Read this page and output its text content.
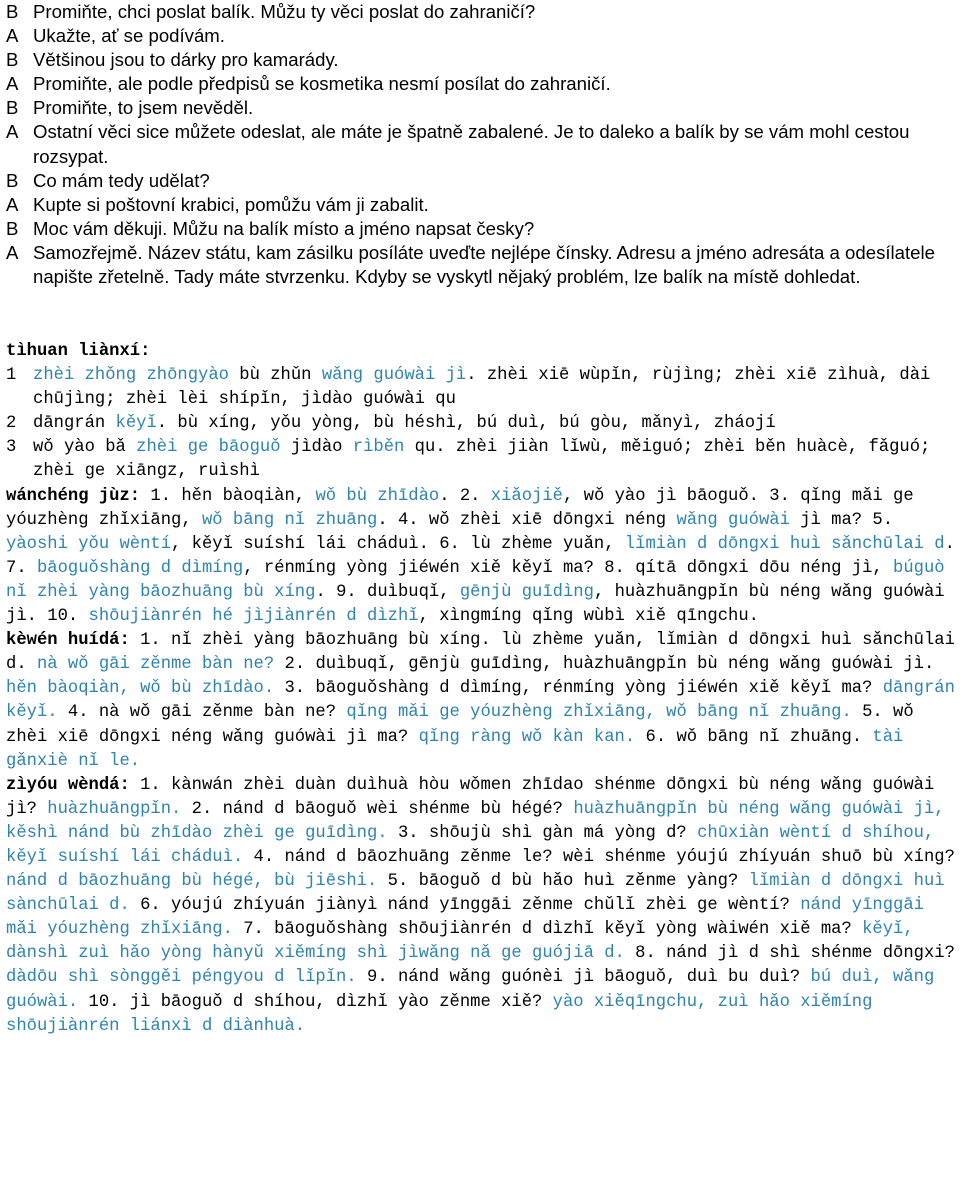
B Promiňte, chci poslat balík. Můžu ty věci poslat do zahraničí?
A Ukažte, ať se podívám.
B Většinou jsou to dárky pro kamarády.
A Promiňte, ale podle předpisů se kosmetika nesmí posílat do zahraničí.
B Promiňte, to jsem nevěděl.
A Ostatní věci sice můžete odeslat, ale máte je špatně zabalené. Je to daleko a balík by se vám mohl cestou rozsypat.
B Co mám tedy udělat?
A Kupte si poštovní krabici, pomůžu vám ji zabalit.
B Moc vám děkuji. Můžu na balík místo a jméno napsat česky?
A Samozřejmě. Název státu, kam zásilku posíláte uveďte nejlépe čínsky. Adresu a jméno adresáta a odesílatele napište zřetelně. Tady máte stvrzenku. Kdyby se vyskytl nějaký problém, lze balík na místě dohledat.
tìhuan liànxí:
1 zhèi zhǒng zhōngyào bù zhǔn wǎng guówài jì. zhèi xiē wùpǐn, rùjìng; zhèi xiē zìhuà, dài chūjìng; zhèi lèi shípǐn, jìdào guówài qu
2 dāngrán kěyǐ. bù xíng, yǒu yòng, bù héshì, bú duì, bú gòu, mǎnyì, zháojí
3 wǒ yào bǎ zhèi ge bāoguǒ jìdào rìběn qu. zhèi jiàn lǐwù, měiguó; zhèi běn huàcè, fǎguó; zhèi ge xiāngz, ruìshì

wánchéng jùz: 1. hěn bàoqiàn, wǒ bù zhīdào. 2. xiǎojiě, wǒ yào jì bāoguǒ. 3. qǐng mǎi ge yóuzhèng zhǐxiāng, wǒ bāng nǐ zhuāng. 4. wǒ zhèi xiē dōngxi néng wǎng guówài jì ma? 5. yàoshi yǒu wèntí, kěyǐ suíshí lái cháduì. 6. lù zhème yuǎn, lǐmiàn d dōngxi huì sǎnchūlai d. 7. bāoguǒshàng d dìmíng, rénmíng yòng jiéwén xiě kěyǐ ma? 8. qítā dōngxi dōu néng jì, búguò nǐ zhèi yàng bāozhuāng bù xíng. 9. duìbuqǐ, gēnjù guīdìng, huàzhuāngpǐn bù néng wǎng guówài jì. 10. shōujiànrén hé jìjiànrén d dìzhǐ, xìngmíng qǐng wùbì xiě qīngchu.

kèwén huídá: 1. nǐ zhèi yàng bāozhuāng bù xíng. lù zhème yuǎn, lǐmiàn d dōngxi huì sǎnchūlai d. nà wǒ gāi zěnme bàn ne? 2. duìbuqǐ, gēnjù guīdìng, huàzhuāngpǐn bù néng wǎng guówài jì. hěn bàoqiàn, wǒ bù zhīdào. 3. bāoguǒshàng d dìmíng, rénmíng yòng jiéwén xiě kěyǐ ma? dāngrán kěyǐ. 4. nà wǒ gāi zěnme bàn ne? qǐng mǎi ge yóuzhèng zhǐxiāng, wǒ bāng nǐ zhuāng. 5. wǒ zhèi xiē dōngxi néng wǎng guówài jì ma? qǐng ràng wǒ kàn kan. 6. wǒ bāng nǐ zhuāng. tài gǎnxiè nǐ le.

zìyóu wèndá: 1. kànwán zhèi duàn duìhuà hòu wǒmen zhīdao shénme dōngxi bù néng wǎng guówài jì? huàzhuāngpǐn. 2. nánd d bāoguǒ wèi shénme bù hégé? huàzhuāngpǐn bù néng wǎng guówài jì, kěshì nánd bù zhīdào zhèi ge guīdìng. 3. shōujù shì gàn má yòng d? chūxiàn wèntí d shíhou, kěyǐ suíshí lái cháduì. 4. nánd d bāozhuāng zěnme le? wèi shénme yóujú zhíyuán shuō bù xíng? nánd d bāozhuāng bù hégé, bù jiēshi. 5. bāoguǒ d bù hǎo huì zěnme yàng? lǐmiàn d dōngxi huì sànchūlai d. 6. yóujú zhíyuán jiànyì nánd yīnggāi zěnme chǔlǐ zhèi ge wèntí? nánd yīnggāi mǎi yóuzhèng zhǐxiāng. 7. bāoguǒshàng shōujiànrén d dìzhǐ kěyǐ yòng wàiwén xiě ma? kěyǐ, dànshì zuì hǎo yòng hànyǔ xiěmíng shì jìwǎng nǎ ge guójiā d. 8. nánd jì d shì shénme dōngxi? dàdōu shì sònggěi péngyou d lǐpǐn. 9. nánd wǎng guónèi jì bāoguǒ, duì bu duì? bú duì, wǎng guówài. 10. jì bāoguǒ d shíhou, dìzhǐ yào zěnme xiě? yào xiěqīngchu, zuì hǎo xiěmíng shōujiànrén liánxì d diànhuà.
